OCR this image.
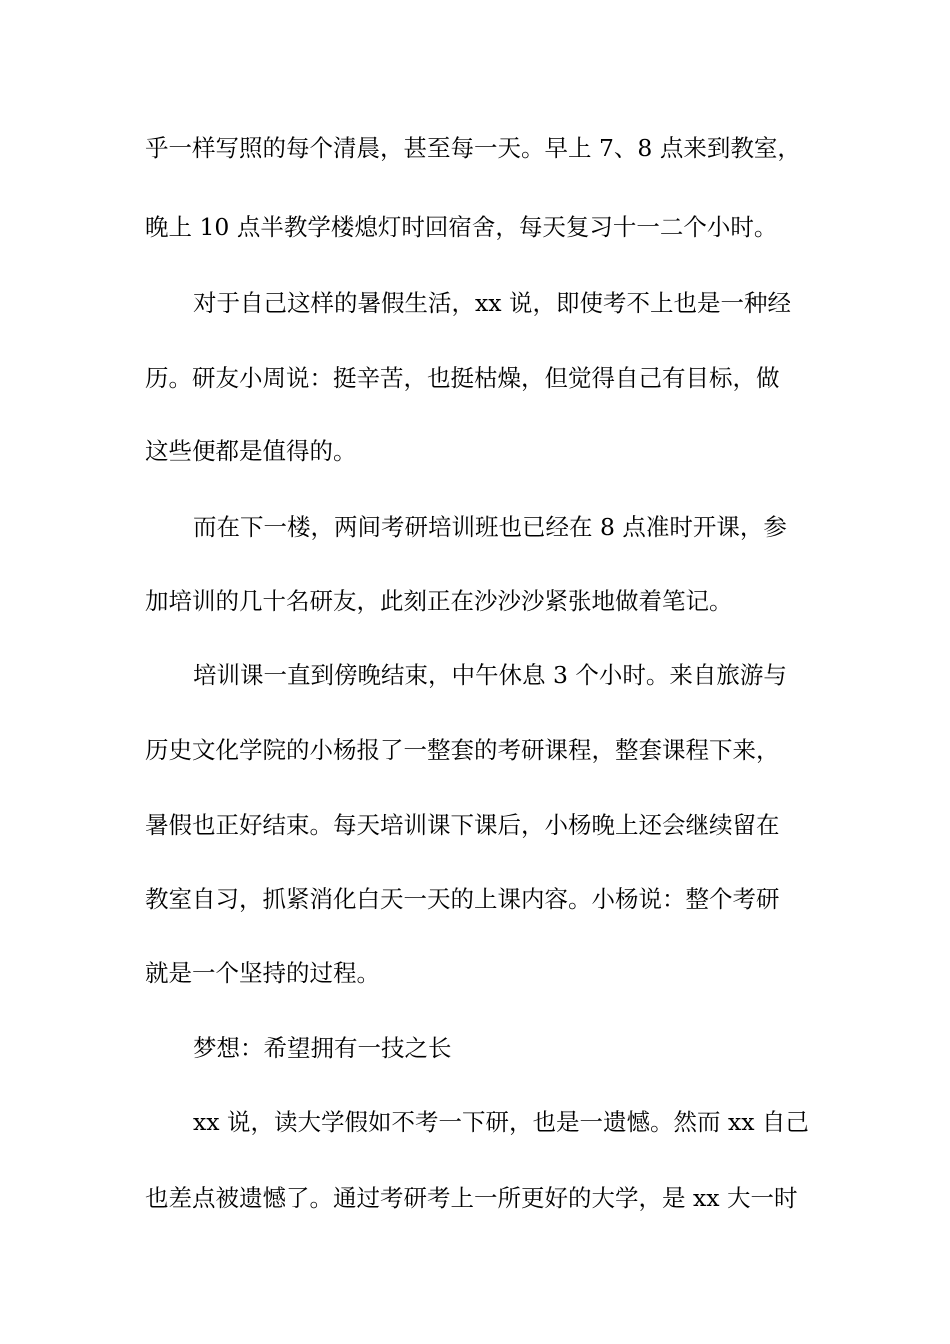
乎一样写照的每个清晨，甚至每一天。早上 7、8 点来到教室，
晚上 10 点半教学楼熄灯时回宿舍，每天复习十一二个小时。
对于自己这样的暑假生活，xx 说，即使考不上也是一种经
历。研友小周说：挺辛苦，也挺枯燥，但觉得自己有目标，做
这些便都是值得的。
而在下一楼，两间考研培训班也已经在 8 点准时开课，参
加培训的几十名研友，此刻正在沙沙沙紧张地做着笔记。
培训课一直到傍晚结束，中午休息 3 个小时。来自旅游与
历史文化学院的小杨报了一整套的考研课程，整套课程下来，
暑假也正好结束。每天培训课下课后，小杨晚上还会继续留在
教室自习，抓紧消化白天一天的上课内容。小杨说：整个考研
就是一个坚持的过程。
梦想：希望拥有一技之长
xx 说，读大学假如不考一下研，也是一遗憾。然而 xx 自己
也差点被遗憾了。通过考研考上一所更好的大学，是 xx 大一时
